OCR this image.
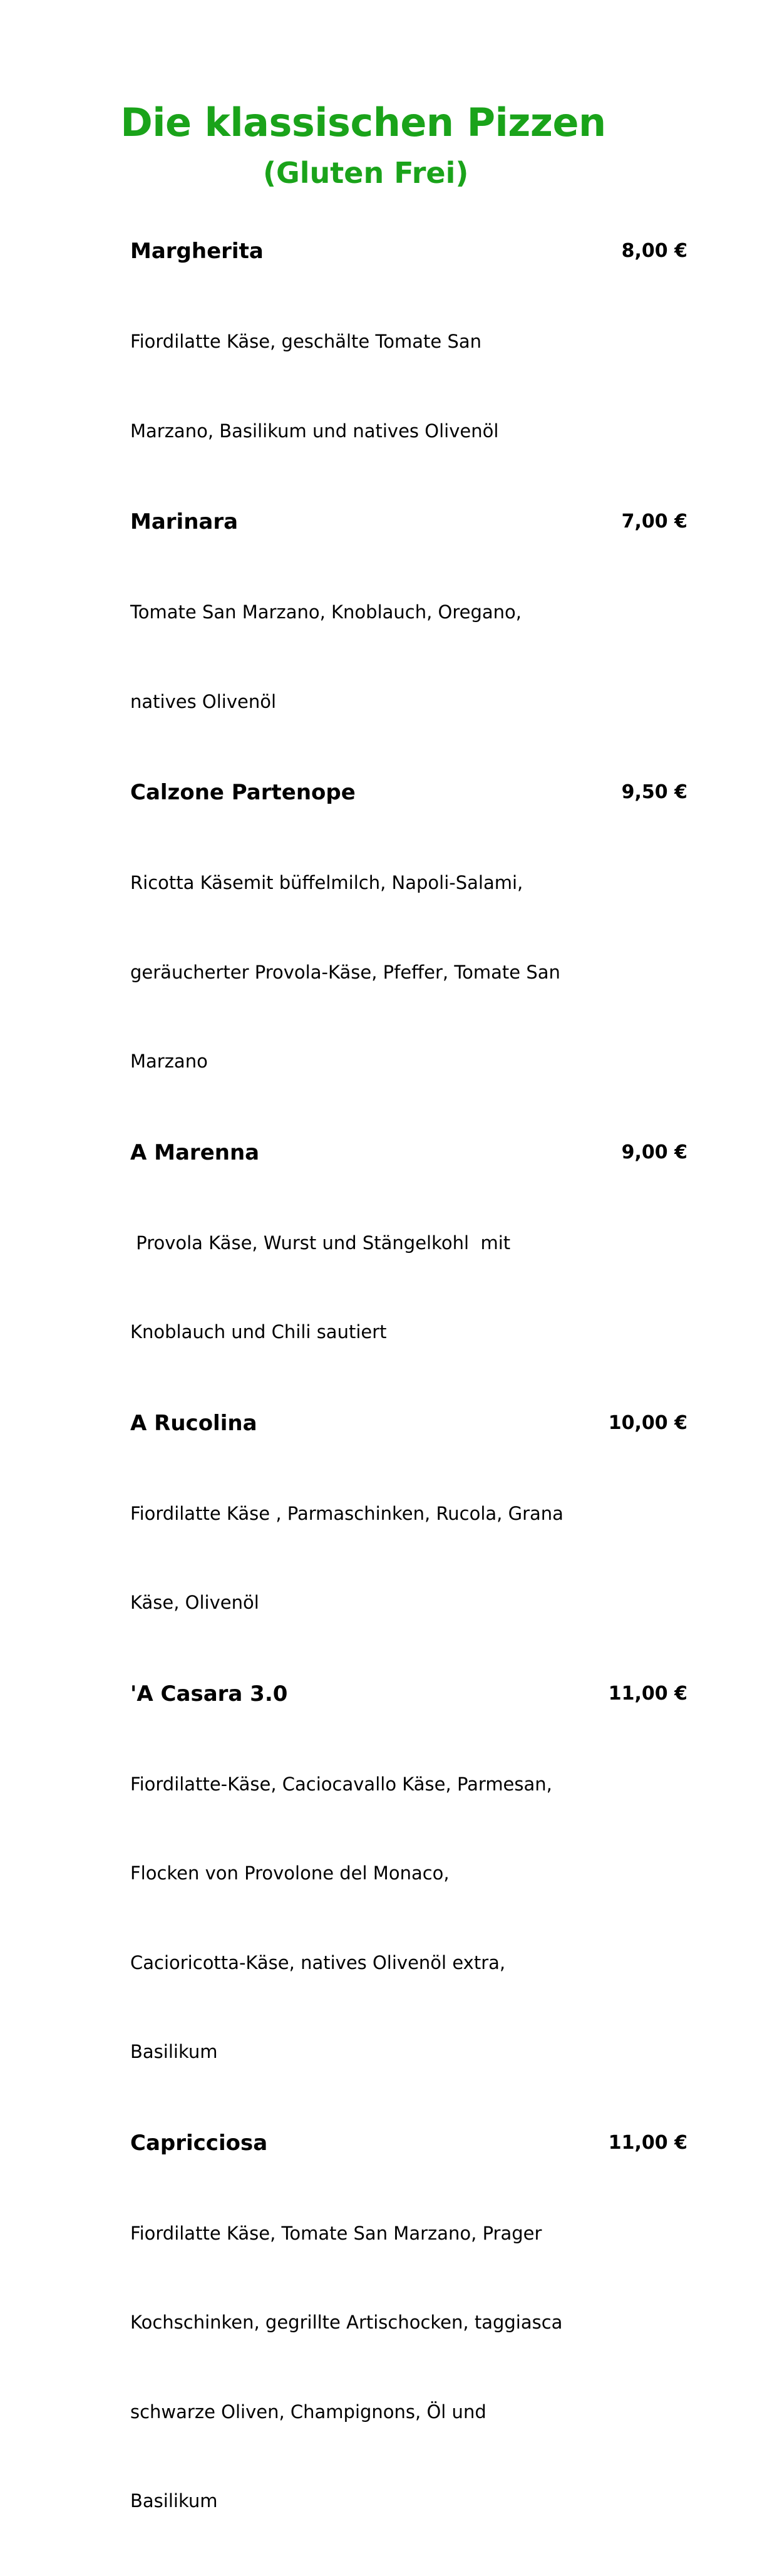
Die klassischen Pizzen
(Gluten Frei)
Margherita	8,00 €

Fiordilatte Käse, geschälte Tomate San

Marzano, Basilikum und natives Olivenöl

Marinara	7,00 €

Tomate San Marzano, Knoblauch, Oregano,

natives Olivenöl

Calzone Partenope	9,50 €

Ricotta Käsemit büffelmilch, Napoli-Salami,

geräucherter Provola-Käse, Pfeffer, Tomate San

Marzano

A Marenna	9,00 €

Provola Käse, Wurst und Stängelkohl  mit

Knoblauch und Chili sautiert

A Rucolina	10,00 €

Fiordilatte Käse , Parmaschinken, Rucola, Grana

Käse, Olivenöl

'A Casara 3.0	11,00 €

Fiordilatte-Käse, Caciocavallo Käse, Parmesan,

Flocken von Provolone del Monaco,

Cacioricotta-Käse, natives Olivenöl extra,

Basilikum

Capricciosa	11,00 €

Fiordilatte Käse, Tomate San Marzano, Prager

Kochschinken, gegrillte Artischocken, taggiasca

schwarze Oliven, Champignons, Öl und

Basilikum
